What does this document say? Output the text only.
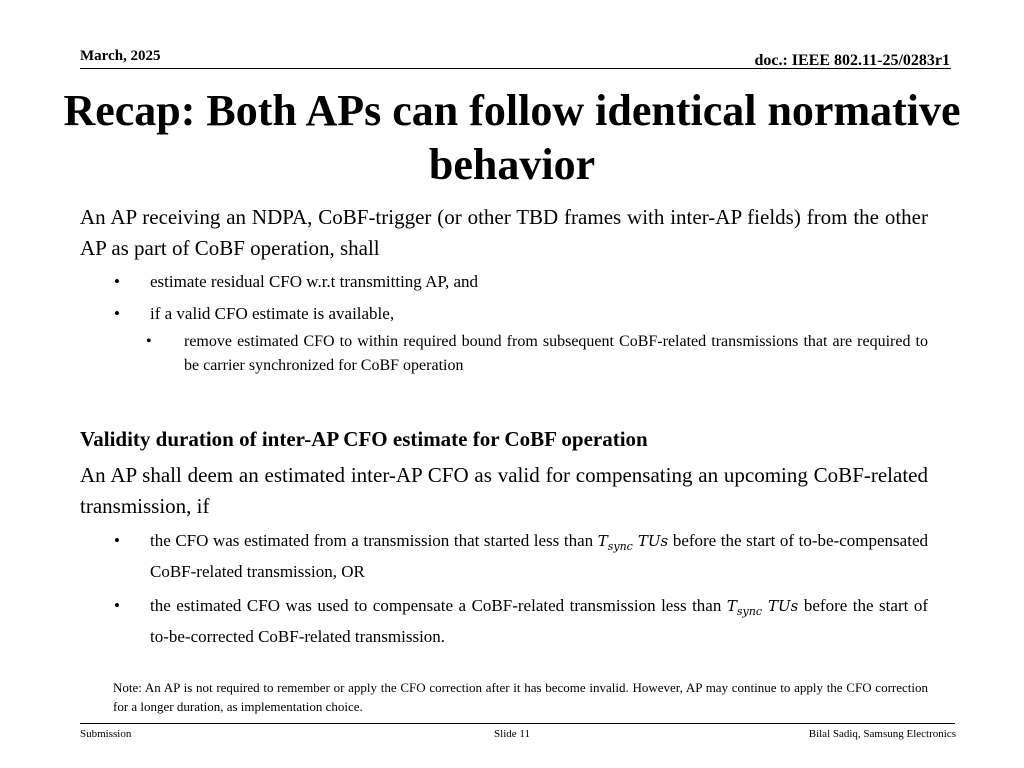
March, 2025	doc.: IEEE 802.11-25/0283r1
Recap: Both APs can follow identical normative
behavior

An AP receiving an NDPA, CoBF-trigger (or other TBD frames with inter-AP fields) from the other AP as part of CoBF operation, shall

• estimate residual CFO w.r.t transmitting AP, and
• if a valid CFO estimate is available,
• remove estimated CFO to within required bound from subsequent CoBF-related transmissions that are required to be carrier synchronized for CoBF operation

Validity duration of inter-AP CFO estimate for CoBF operation

An AP shall deem an estimated inter-AP CFO as valid for compensating an upcoming CoBF-related transmission, if

• the CFO was estimated from a transmission that started less than $T_{sync}$ TUs before the start of to-be-compensated CoBF-related transmission, OR
• the estimated CFO was used to compensate a CoBF-related transmission less than $T_{sync}$ TUs before the start of to-be-corrected CoBF-related transmission.
Note: An AP is not required to remember or apply the CFO correction after it has become invalid. However, AP may continue to apply the CFO correction for a longer duration, as implementation choice.
Submission	Slide 11	Bilal Sadiq, Samsung Electronics
